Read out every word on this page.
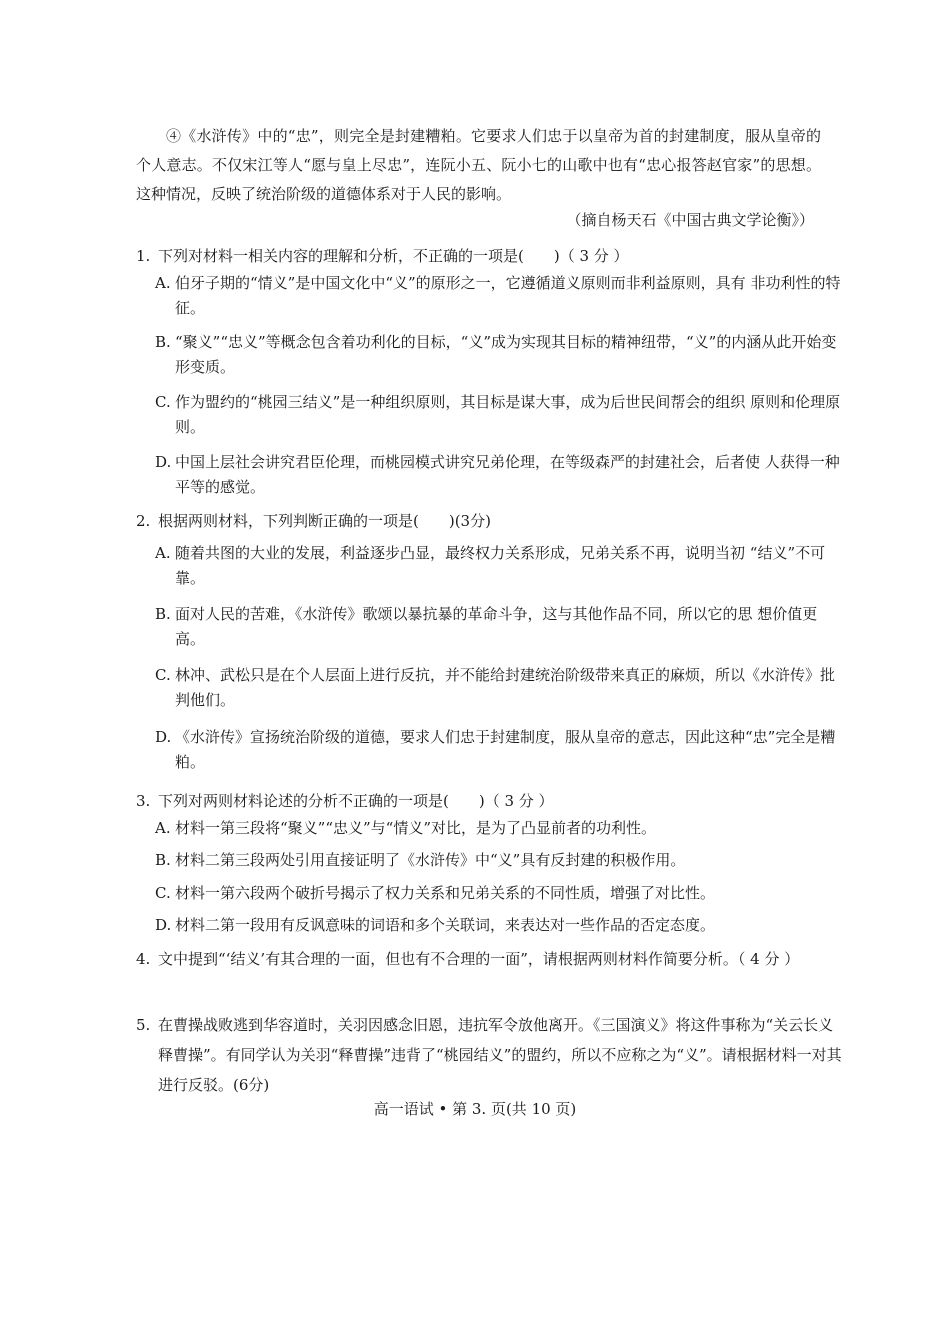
④《水浒传》中的“忠”，则完全是封建糟粕。它要求人们忠于以皇帝为首的封建制度，服从皇帝的个人意志。不仅宋江等人“愿与皇上尽忠”，连阮小五、阮小七的山歌中也有“忠心报答赵官家”的思想。这种情况，反映了统治阶级的道德体系对于人民的影响。

（摘自杨天石《中国古典文学论衡》）

1. 下列对材料一相关内容的理解和分析，不正确的一项是(　　)（ 3 分 ）

A. 伯牙子期的“情义”是中国文化中“义”的原形之一，它遵循道义原则而非利益原则，具有 非功利性的特征。

B. “聚义”“忠义”等概念包含着功利化的目标，“义”成为实现其目标的精神纽带，“义”的内涵从此开始变形变质。

C. 作为盟约的“桃园三结义”是一种组织原则，其目标是谋大事，成为后世民间帮会的组织 原则和伦理原则。

D. 中国上层社会讲究君臣伦理，而桃园模式讲究兄弟伦理，在等级森严的封建社会，后者使 人获得一种平等的感觉。

2. 根据两则材料，下列判断正确的一项是(　　)(3分)

A. 随着共图的大业的发展，利益逐步凸显，最终权力关系形成，兄弟关系不再，说明当初 “结义”不可靠。

B. 面对人民的苦难，《水浒传》歌颂以暴抗暴的革命斗争，这与其他作品不同，所以它的思 想价值更高。

C. 林冲、武松只是在个人层面上进行反抗，并不能给封建统治阶级带来真正的麻烦，所以《水浒传》批判他们。

D. 《水浒传》宣扬统治阶级的道德，要求人们忠于封建制度，服从皇帝的意志，因此这种“忠”完全是糟粕。

3. 下列对两则材料论述的分析不正确的一项是(　　)（ 3 分 ）

A. 材料一第三段将“聚义”“忠义”与“情义”对比，是为了凸显前者的功利性。

B. 材料二第三段两处引用直接证明了《水浒传》中“义”具有反封建的积极作用。

C. 材料一第六段两个破折号揭示了权力关系和兄弟关系的不同性质，增强了对比性。

D. 材料二第一段用有反讽意味的词语和多个关联词，来表达对一些作品的否定态度。

4. 文中提到“‘结义’有其合理的一面，但也有不合理的一面”，请根据两则材料作简要分析。（ 4 分 ）

5. 在曹操战败逃到华容道时，关羽因感念旧恩，违抗军令放他离开。《三国演义》将这件事称为“关云长义释曹操”。有同学认为关羽“释曹操”违背了“桃园结义”的盟约，所以不应称之为“义”。请根据材料一对其进行反驳。(6分)

高一语试 • 第 3. 页(共 10 页)
